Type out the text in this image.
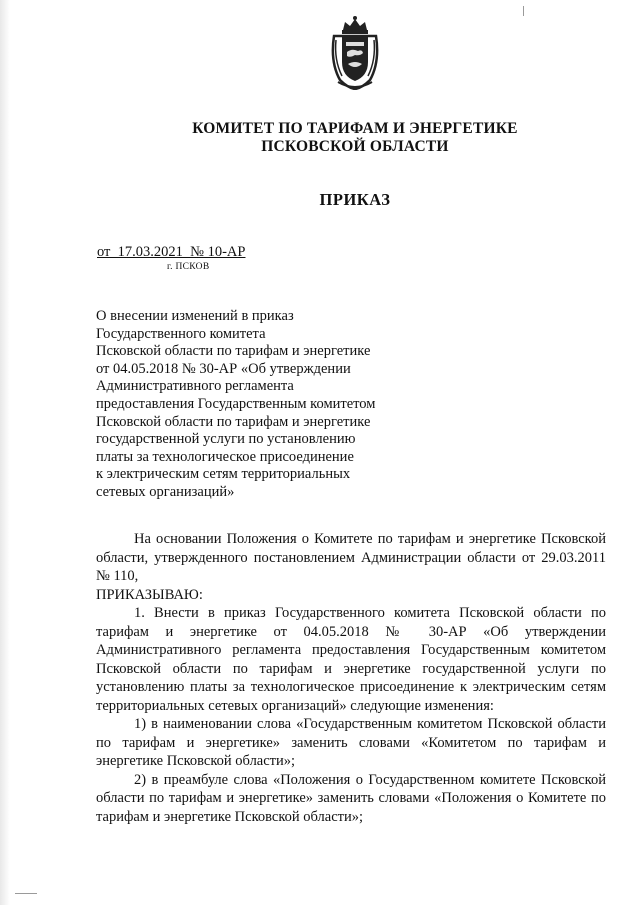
КОМИТЕТ ПО ТАРИФАМ И ЭНЕРГЕТИКЕ
ПСКОВСКОЙ ОБЛАСТИ
ПРИКАЗ
от  17.03.2021  № 10-АР
г. ПСКОВ
О внесении изменений в приказ
Государственного комитета
Псковской области по тарифам и энергетике
от 04.05.2018 № 30-АР «Об утверждении
Административного регламента
предоставления Государственным комитетом
Псковской области по тарифам и энергетике
государственной услуги по установлению
платы за технологическое присоединение
к электрическим сетям территориальных
сетевых организаций»

На основании Положения о Комитете по тарифам и энергетике Псковской области, утвержденного постановлением Администрации области от 29.03.2011 № 110,

ПРИКАЗЫВАЮ:

1. Внести в приказ Государственного комитета Псковской области по тарифам и энергетике от 04.05.2018 № 30-АР «Об утверждении Административного регламента предоставления Государственным комитетом Псковской области по тарифам и энергетике государственной услуги по установлению платы за технологическое присоединение к электрическим сетям территориальных сетевых организаций» следующие изменения:

1) в наименовании слова «Государственным комитетом Псковской области по тарифам и энергетике» заменить словами «Комитетом по тарифам и энергетике Псковской области»;

2) в преамбуле слова «Положения о Государственном комитете Псковской области по тарифам и энергетике» заменить словами «Положения о Комитете по тарифам и энергетике Псковской области»;
